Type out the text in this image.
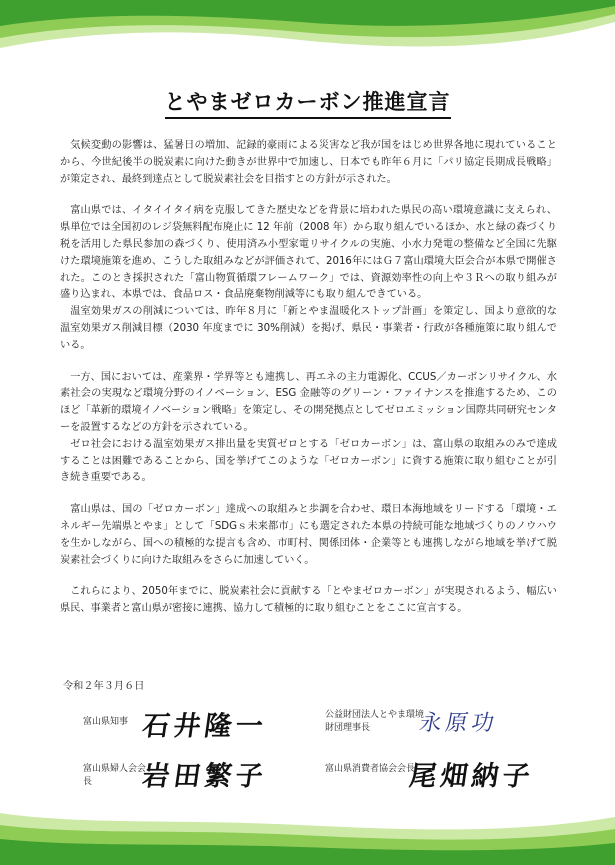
とやまゼロカーボン推進宣言

気候変動の影響は、猛暑日の増加、記録的豪雨による災害など我が国をはじめ世界各地に現れていることから、今世紀後半の脱炭素に向けた動きが世界中で加速し、日本でも昨年６月に「パリ協定長期成長戦略」が策定され、最終到達点として脱炭素社会を目指すとの方針が示された。

富山県では、イタイイタイ病を克服してきた歴史などを背景に培われた県民の高い環境意識に支えられ、県単位では全国初のレジ袋無料配布廃止に 12 年前（2008 年）から取り組んでいるほか、水と緑の森づくり税を活用した県民参加の森づくり、使用済み小型家電リサイクルの実施、小水力発電の整備など全国に先駆けた環境施策を進め、こうした取組みなどが評価されて、2016年にはＧ７富山環境大臣会合が本県で開催された。このとき採択された「富山物質循環フレームワーク」では、資源効率性の向上や３Ｒへの取り組みが盛り込まれ、本県では、食品ロス・食品廃棄物削減等にも取り組んできている。

温室効果ガスの削減については、昨年８月に「新とやま温暖化ストップ計画」を策定し、国より意欲的な温室効果ガス削減目標（2030 年度までに 30%削減）を掲げ、県民・事業者・行政が各種施策に取り組んでいる。

一方、国においては、産業界・学界等とも連携し、再エネの主力電源化、CCUS／カーボンリサイクル、水素社会の実現など環境分野のイノベーション、ESG 金融等のグリーン・ファイナンスを推進するため、このほど「革新的環境イノベーション戦略」を策定し、その開発拠点としてゼロエミッション国際共同研究センターを設置するなどの方針を示されている。

ゼロ社会における温室効果ガス排出量を実質ゼロとする「ゼロカーボン」は、富山県の取組みのみで達成することは困難であることから、国を挙げてこのような「ゼロカーボン」に資する施策に取り組むことが引き続き重要である。

富山県は、国の「ゼロカーボン」達成への取組みと歩調を合わせ、環日本海地域をリードする「環境・エネルギー先端県とやま」として「SDGｓ未来都市」にも選定された本県の持続可能な地域づくりのノウハウを生かしながら、国への積極的な提言も含め、市町村、関係団体・企業等とも連携しながら地域を挙げて脱炭素社会づくりに向けた取組みをさらに加速していく。

これらにより、2050年までに、脱炭素社会に貢献する「とやまゼロカーボン」が実現されるよう、幅広い県民、事業者と富山県が密接に連携、協力して積極的に取り組むことをここに宣言する。

令和２年３月６日
富山県知事 石井隆一	公益財団法人とやま環境財団理事長	永原功
富山県婦人会会長	岩田繁子	富山県消費者協会会長
尾畑納子
